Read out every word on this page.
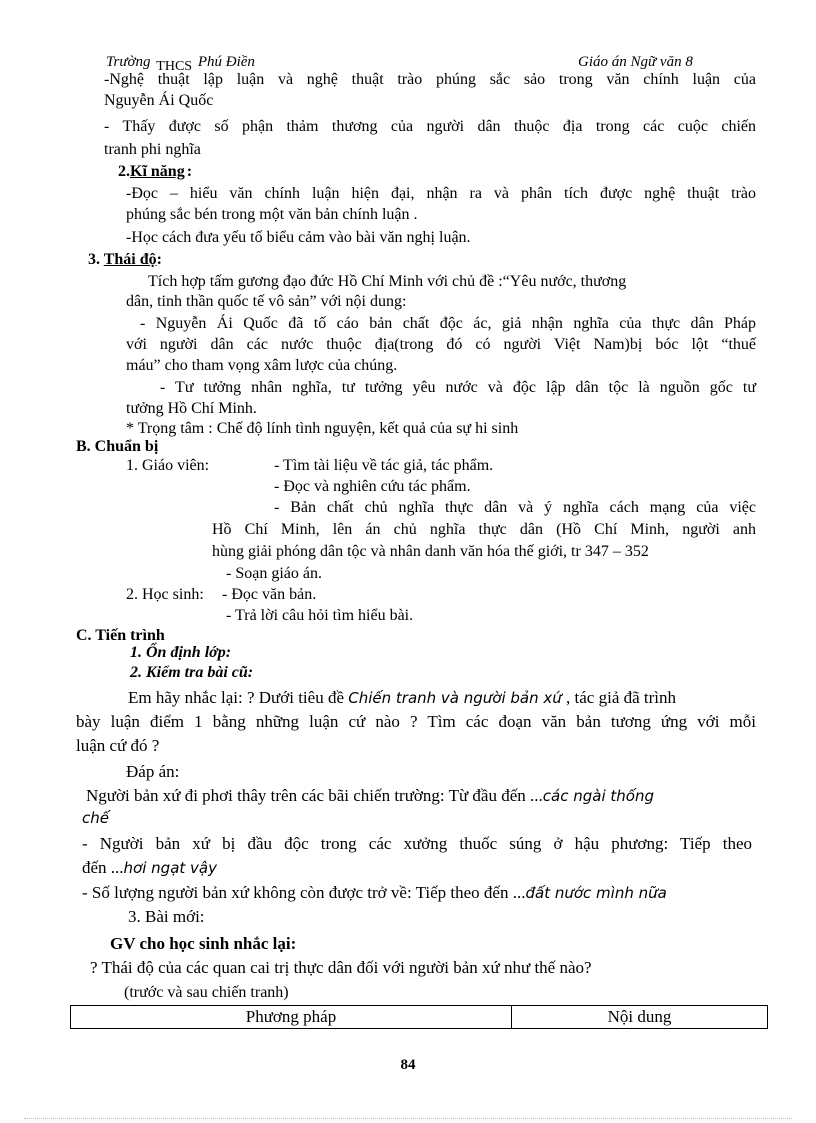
Trường THCS Phú Điền	Giáo án Ngữ văn 8
-Nghệ thuật lập luận và nghệ thuật trào phúng sắc sảo trong văn chính luận của
Nguyễn Ái Quốc
- Thấy được số phận thảm thương của người dân thuộc địa trong các cuộc chiến
tranh phi nghĩa
2.Kĩ năng :
-Đọc – hiểu văn chính luận hiện đại, nhận ra và phân tích được nghệ thuật trào
phúng sắc bén trong một văn bản chính luận .
-Học cách đưa yếu tố biểu cảm vào bài văn nghị luận.
3. Thái độ:
Tích hợp tấm gương đạo đức Hồ Chí Minh với chủ đề :“Yêu nước, thương
dân, tinh thần quốc tế vô sản” với nội dung:
- Nguyễn Ái Quốc đã tố cáo bản chất độc ác, giả nhận nghĩa của thực dân Pháp
với người dân các nước thuộc địa(trong đó có người Việt Nam)bị bóc lột “thuế
máu” cho tham vọng xâm lược của chúng.
- Tư tưởng nhân nghĩa, tư tưởng yêu nước và độc lập dân tộc là nguồn gốc tư
tưởng Hồ Chí Minh.
* Trọng tâm : Chế độ lính tình nguyện, kết quả của sự hi sinh
B. Chuẩn bị
1. Giáo viên:	- Tìm tài liệu về tác giả, tác phẩm.
- Đọc và nghiên cứu tác phẩm.
- Bản chất chủ nghĩa thực dân và ý nghĩa cách mạng của việc
Hồ Chí Minh, lên án chủ nghĩa thực dân (Hồ Chí Minh, người anh
hùng giải phóng dân tộc và nhân danh văn hóa thế giới, tr 347 – 352
- Soạn giáo án.
2. Học sinh: - Đọc văn bản.
- Trả lời câu hỏi tìm hiểu bài.
C. Tiến trình
1. Ổn định lớp:
2. Kiểm tra bài cũ:
Em hãy nhắc lại: ? Dưới tiêu đề Chiến tranh và người bản xứ , tác giả đã trình
bày luận điểm 1 bằng những luận cứ nào ? Tìm các đoạn văn bản tương ứng với mỗi
luận cứ đó ?
Đáp án:
Người bản xứ đi phơi thây trên các bãi chiến trường: Từ đầu đến ...các ngài thống
chế
- Người bản xứ bị đầu độc trong các xưởng thuốc súng ở hậu phương: Tiếp theo
đến ...hơi ngạt vậy
- Số lượng người bản xứ không còn được trở về: Tiếp theo đến ...đất nước mình nữa
3. Bài mới:
GV cho học sinh nhắc lại:
? Thái độ của các quan cai trị thực dân đối với người bản xứ như thế nào?
(trước và sau chiến tranh)
Phương pháp	Nội dung
84
